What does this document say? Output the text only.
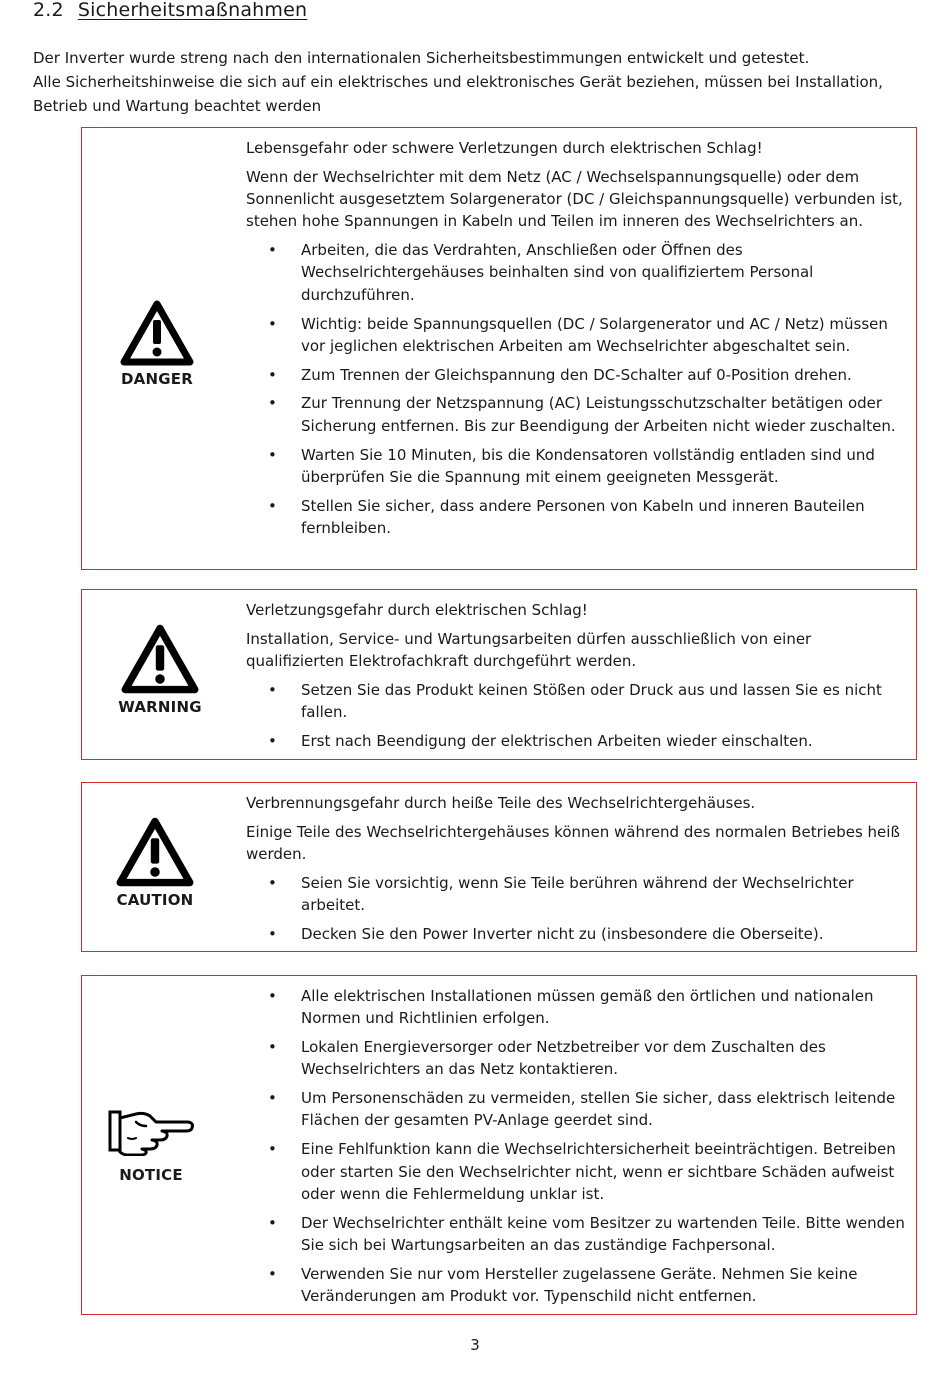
2.2 Sicherheitsmaßnahmen

Der Inverter wurde streng nach den internationalen Sicherheitsbestimmungen entwickelt und getestet.

Alle Sicherheitshinweise die sich auf ein elektrisches und elektronisches Gerät beziehen, müssen bei Installation, Betrieb und Wartung beachtet werden

DANGER

Lebensgefahr oder schwere Verletzungen durch elektrischen Schlag!

Wenn der Wechselrichter mit dem Netz (AC / Wechselspannungsquelle) oder dem Sonnenlicht ausgesetztem Solargenerator (DC / Gleichspannungsquelle) verbunden ist, stehen hohe Spannungen in Kabeln und Teilen im inneren des Wechselrichters an.

• Arbeiten, die das Verdrahten, Anschließen oder Öffnen des Wechselrichtergehäuses beinhalten sind von qualifiziertem Personal durchzuführen.
• Wichtig: beide Spannungsquellen (DC / Solargenerator und AC / Netz) müssen vor jeglichen elektrischen Arbeiten am Wechselrichter abgeschaltet sein.
• Zum Trennen der Gleichspannung den DC-Schalter auf 0-Position drehen.
• Zur Trennung der Netzspannung (AC) Leistungsschutzschalter betätigen oder Sicherung entfernen. Bis zur Beendigung der Arbeiten nicht wieder zuschalten.
• Warten Sie 10 Minuten, bis die Kondensatoren vollständig entladen sind und überprüfen Sie die Spannung mit einem geeigneten Messgerät.
• Stellen Sie sicher, dass andere Personen von Kabeln und inneren Bauteilen fernbleiben.
WARNING

Verletzungsgefahr durch elektrischen Schlag!

Installation, Service- und Wartungsarbeiten dürfen ausschließlich von einer qualifizierten Elektrofachkraft durchgeführt werden.

• Setzen Sie das Produkt keinen Stößen oder Druck aus und lassen Sie es nicht fallen.
• Erst nach Beendigung der elektrischen Arbeiten wieder einschalten.
CAUTION

Verbrennungsgefahr durch heiße Teile des Wechselrichtergehäuses.

Einige Teile des Wechselrichtergehäuses können während des normalen Betriebes heiß werden.

• Seien Sie vorsichtig, wenn Sie Teile berühren während der Wechselrichter arbeitet.
• Decken Sie den Power Inverter nicht zu (insbesondere die Oberseite).
NOTICE
• Alle elektrischen Installationen müssen gemäß den örtlichen und nationalen Normen und Richtlinien erfolgen.
• Lokalen Energieversorger oder Netzbetreiber vor dem Zuschalten des Wechselrichters an das Netz kontaktieren.
• Um Personenschäden zu vermeiden, stellen Sie sicher, dass elektrisch leitende Flächen der gesamten PV-Anlage geerdet sind.
• Eine Fehlfunktion kann die Wechselrichtersicherheit beeinträchtigen. Betreiben oder starten Sie den Wechselrichter nicht, wenn er sichtbare Schäden aufweist oder wenn die Fehlermeldung unklar ist.
• Der Wechselrichter enthält keine vom Besitzer zu wartenden Teile. Bitte wenden Sie sich bei Wartungsarbeiten an das zuständige Fachpersonal.
• Verwenden Sie nur vom Hersteller zugelassene Geräte. Nehmen Sie keine Veränderungen am Produkt vor. Typenschild nicht entfernen.
3
